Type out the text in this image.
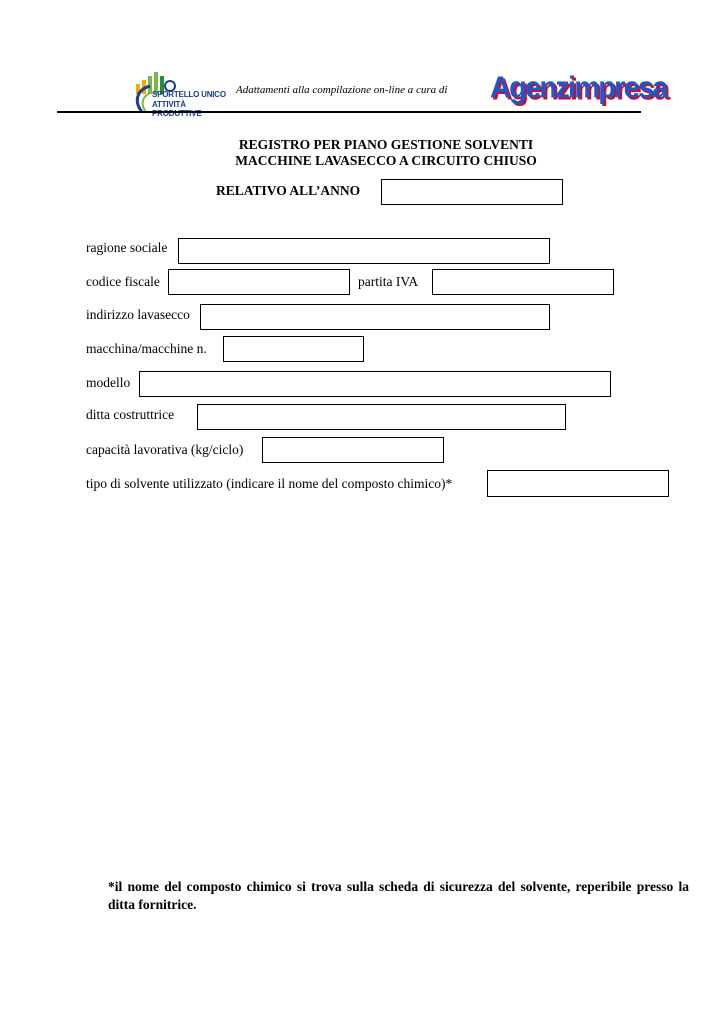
SPORTELLO UNICO
ATTIVITÀ PRODUTTIVE
Adattamenti alla compilazione on-line a cura di Agenzimpresa
REGISTRO PER PIANO GESTIONE SOLVENTI
MACCHINE LAVASECCO A CIRCUITO CHIUSO
RELATIVO ALL’ANNO
ragione sociale
codice fiscale	partita IVA
indirizzo lavasecco
macchina/macchine n.
modello
ditta costruttrice
capacità lavorativa (kg/ciclo)
tipo di solvente utilizzato (indicare il nome del composto chimico)*
*il nome del composto chimico si trova sulla scheda di sicurezza del solvente, reperibile presso la ditta fornitrice.
